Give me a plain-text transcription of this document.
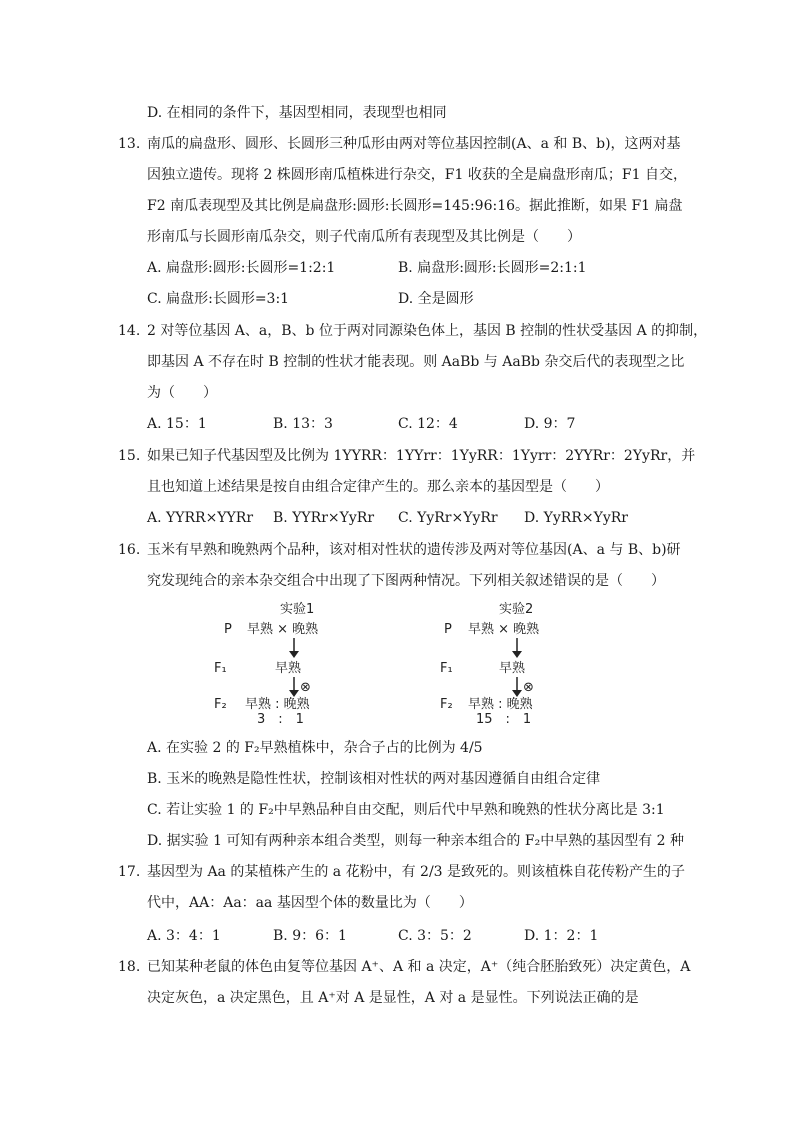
D. 在相同的条件下，基因型相同，表现型也相同
13. 南瓜的扁盘形、圆形、长圆形三种瓜形由两对等位基因控制(A、a 和 B、b)，这两对基
因独立遗传。现将 2 株圆形南瓜植株进行杂交，F1 收获的全是扁盘形南瓜；F1 自交，
F2 南瓜表现型及其比例是扁盘形:圆形:长圆形=145:96:16。据此推断，如果 F1 扁盘
形南瓜与长圆形南瓜杂交，则子代南瓜所有表现型及其比例是（　　）
A. 扁盘形:圆形:长圆形=1:2:1	B. 扁盘形:圆形:长圆形=2:1:1
C. 扁盘形:长圆形=3:1	D. 全是圆形
14. 2 对等位基因 A、a，B、b 位于两对同源染色体上，基因 B 控制的性状受基因 A 的抑制，
即基因 A 不存在时 B 控制的性状才能表现。则 AaBb 与 AaBb 杂交后代的表现型之比
为（　　）
A. 15：1	B. 13：3	C. 12：4	D. 9：7
15. 如果已知子代基因型及比例为 1YYRR：1YYrr：1YyRR：1Yyrr：2YYRr：2YyRr，并
且也知道上述结果是按自由组合定律产生的。那么亲本的基因型是（　　）
A. YYRR×YYRr B. YYRr×YyRr C. YyRr×YyRr D. YyRR×YyRr
16. 玉米有早熟和晚熟两个品种，该对相对性状的遗传涉及两对等位基因(A、a 与 B、b)研
究发现纯合的亲本杂交组合中出现了下图两种情况。下列相关叙述错误的是（　　）
实验1
P 早熟 × 晚熟
F₁	早熟
⊗
F₂ 早熟 : 晚熟
3　:　1
实验2
P 早熟 × 晚熟
F₁	早熟
⊗
F₂ 早熟 : 晚熟
15　:　1
A. 在实验 2 的 F₂早熟植株中，杂合子占的比例为 4/5
B. 玉米的晚熟是隐性性状，控制该相对性状的两对基因遵循自由组合定律
C. 若让实验 1 的 F₂中早熟品种自由交配，则后代中早熟和晚熟的性状分离比是 3:1
D. 据实验 1 可知有两种亲本组合类型，则每一种亲本组合的 F₂中早熟的基因型有 2 种
17. 基因型为 Aa 的某植株产生的 a 花粉中，有 2/3 是致死的。则该植株自花传粉产生的子
代中，AA：Aa：aa 基因型个体的数量比为（　　）
A. 3：4：1	B. 9：6：1	C. 3：5：2	D. 1：2：1
18. 已知某种老鼠的体色由复等位基因 A⁺、A 和 a 决定，A⁺（纯合胚胎致死）决定黄色，A
决定灰色，a 决定黑色，且 A⁺对 A 是显性，A 对 a 是显性。下列说法正确的是
